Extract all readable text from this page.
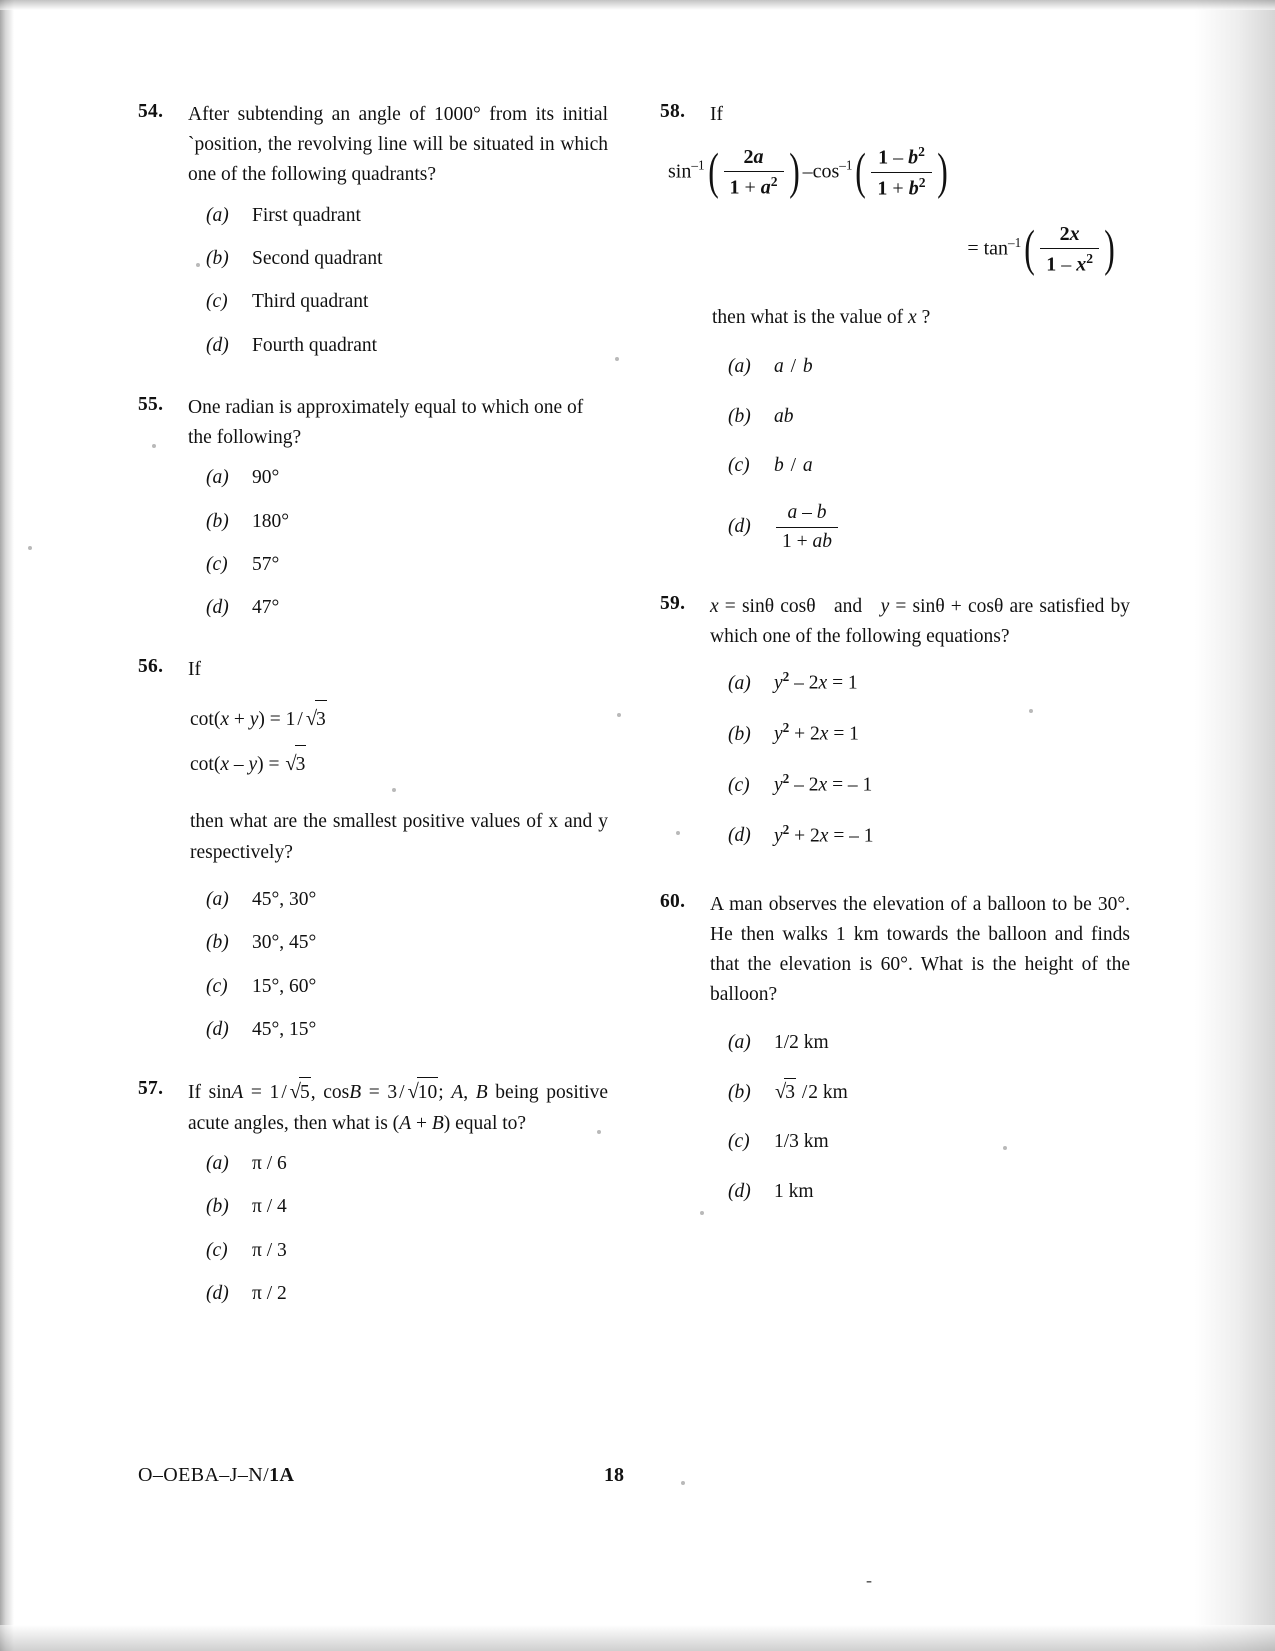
54.	After subtending an angle of 1000° from its initial `position, the revolving line will be situated in which one of the following quadrants?
(a)	First quadrant
(b)	Second quadrant
(c)	Third quadrant
(d)	Fourth quadrant
55.	One radian is approximately equal to which one of the following?
(a)	90°
(b)	180°
(c)	57°
(d)	47°
56.	If
cot(x + y) = 1 / √3
cot(x – y) = √3
then what are the smallest positive values of x and y respectively?
(a)	45°, 30°
(b)	30°, 45°
(c)	15°, 60°
(d)	45°, 15°
57.	If sinA = 1 / √5, cosB = 3 / √10; A, B being positive acute angles, then what is (A + B) equal to?
(a)	π / 6
(b)	π / 4
(c)	π / 3
(d)	π / 2
58.	If
$\sin^{-1}( \frac{2a}{1 + a^2}$ ) $-\cos^{-1}( \frac{1 - b^2}{1 + b^2}$ )
= $\tan^{-1}( \frac{2x}{1 - x^2}$ )
then what is the value of x ?
(a)	a / b
(b)	ab
(c)	b / a
(d)	$\frac{a - b}{1 + ab}$
59.	x = sinθ cosθ   and   y = sinθ + cosθ are satisfied by which one of the following equations?
(a)	$y^2 - 2x = 1$
(b)	$y^2 + 2x = 1$
(c)	$y^2 - 2x$ = – 1
(d)	$y^2 + 2x$ = – 1
60.	A man observes the elevation of a balloon to be 30°. He then walks 1 km towards the balloon and finds that the elevation is 60°. What is the height of the balloon?
(a)	1/2 km
(b)	√3 /2 km
(c)	1/3 km
(d)	1 km
O–OEBA–J–N/1A	18
-
